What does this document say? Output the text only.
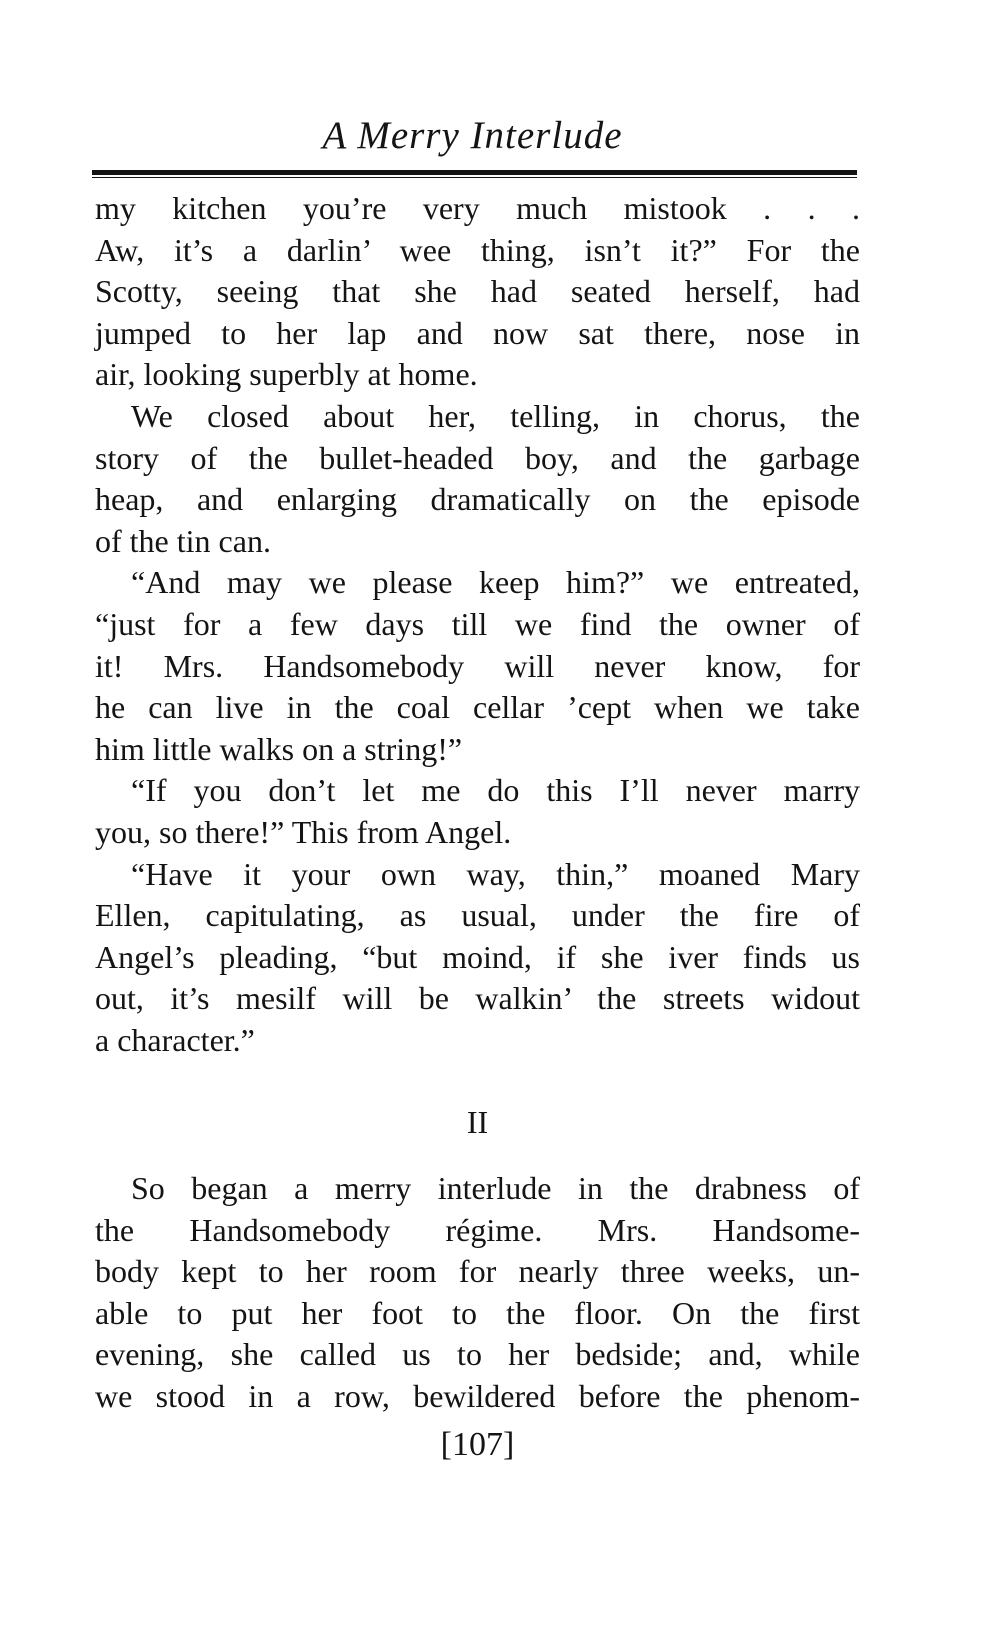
A Merry Interlude
my kitchen you’re very much mistook . . .
Aw, it’s a darlin’ wee thing, isn’t it?” For the
Scotty, seeing that she had seated herself, had
jumped to her lap and now sat there, nose in
air, looking superbly at home.
We closed about her, telling, in chorus, the
story of the bullet-headed boy, and the garbage
heap, and enlarging dramatically on the episode
of the tin can.
“And may we please keep him?” we entreated,
“just for a few days till we find the owner of
it! Mrs. Handsomebody will never know, for
he can live in the coal cellar ’cept when we take
him little walks on a string!”
“If you don’t let me do this I’ll never marry
you, so there!” This from Angel.
“Have it your own way, thin,” moaned Mary
Ellen, capitulating, as usual, under the fire of
Angel’s pleading, “but moind, if she iver finds us
out, it’s mesilf will be walkin’ the streets widout
a character.”
II
So began a merry interlude in the drabness of
the Handsomebody régime. Mrs. Handsome-
body kept to her room for nearly three weeks, un-
able to put her foot to the floor. On the first
evening, she called us to her bedside; and, while
we stood in a row, bewildered before the phenom-
[107]
